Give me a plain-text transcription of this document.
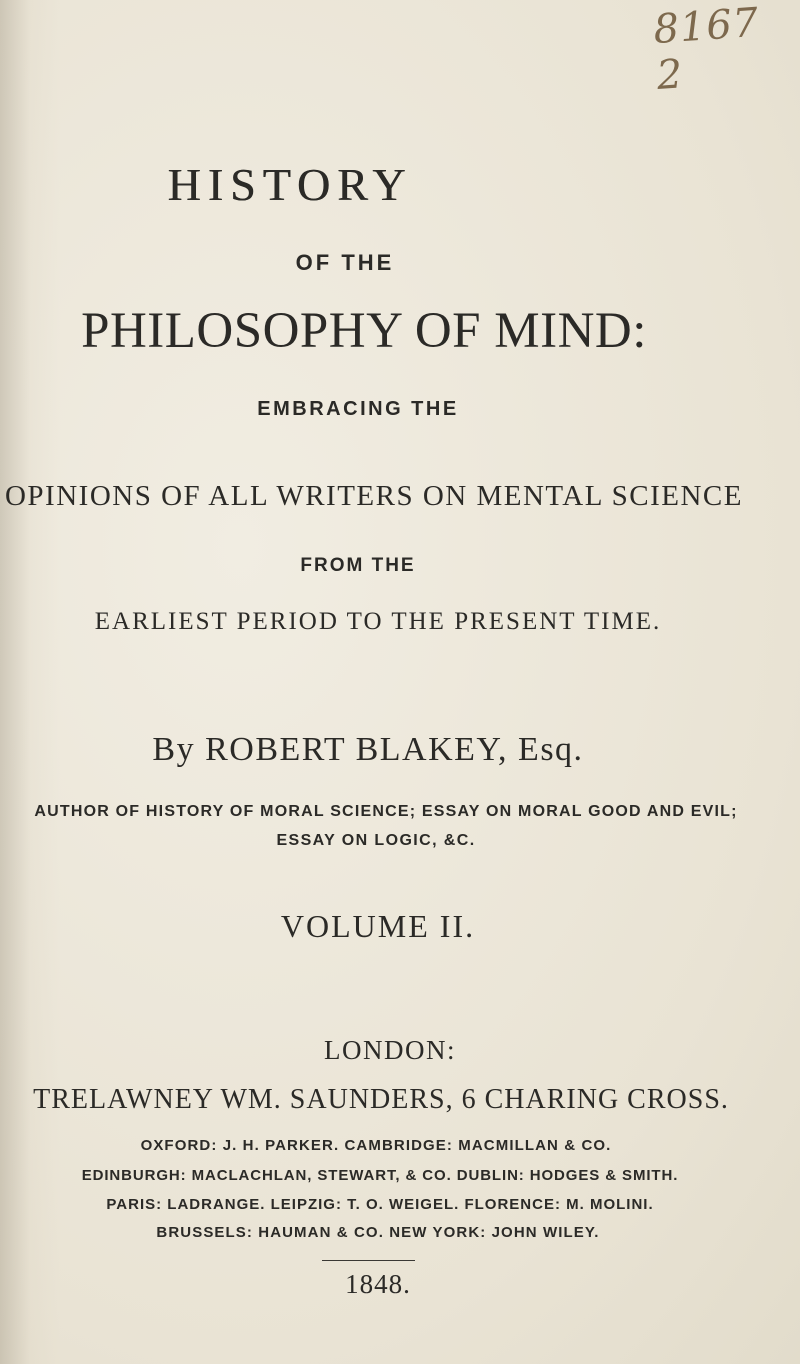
8167 2
HISTORY
OF THE
PHILOSOPHY OF MIND:
EMBRACING THE
OPINIONS OF ALL WRITERS ON MENTAL SCIENCE
FROM THE
EARLIEST PERIOD TO THE PRESENT TIME.
By ROBERT BLAKEY, Esq.
AUTHOR OF HISTORY OF MORAL SCIENCE; ESSAY ON MORAL GOOD AND EVIL;
ESSAY ON LOGIC, &C.
VOLUME II.
LONDON:
TRELAWNEY WM. SAUNDERS, 6 CHARING CROSS.
OXFORD: J. H. PARKER. CAMBRIDGE: MACMILLAN & CO.
EDINBURGH: MACLACHLAN, STEWART, & CO. DUBLIN: HODGES & SMITH.
PARIS: LADRANGE. LEIPZIG: T. O. WEIGEL. FLORENCE: M. MOLINI.
BRUSSELS: HAUMAN & CO. NEW YORK: JOHN WILEY.
1848.
